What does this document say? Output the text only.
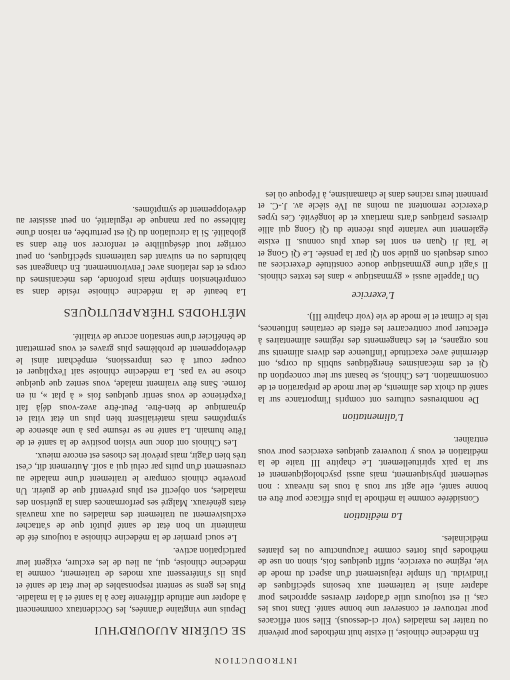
INTRODUCTION

En médecine chinoise, il existe huit méthodes pour prévenir ou traiter les maladies (voir ci-dessous). Elles sont efficaces pour retrouver et conserver une bonne santé. Dans tous les cas, il est toujours utile d'adopter diverses approches pour adapter ainsi le traitement aux besoins spécifiques de l'individu. Un simple réajustement d'un aspect du mode de vie, régime ou exercice, suffit quelques fois, sinon on use de méthodes plus fortes comme l'acupuncture ou les plantes médicinales.

La méditation

Considérée comme la méthode la plus efficace pour être en bonne santé, elle agit sur tous à tous les niveaux : non seulement physiquement, mais aussi psychologiquement et sur la paix spirituellement. Le chapitre III traite de la méditation et vous y trouverez quelques exercices pour vous entraîner.

L'alimentation

De nombreuses cultures ont compris l'importance sur la santé du choix des aliments, de leur mode de préparation et de consommation. Les Chinois, se basant sur leur conception du Qi et des mécanismes énergétiques subtils du corps, ont déterminé avec exactitude l'influence des divers aliments sur nos organes, et les changements des régimes alimentaires à effectuer pour contrecarrer les effets de certaines influences, tels le climat et le mode de vie (voir chapitre III).

L'exercice

On l'appelle aussi « gymnastique » dans les textes chinois. Il s'agit d'une gymnastique douce constituée d'exercices au cours desquels on guide son Qi par la pensée. Le Qi Gong et le Tai Ji Quan en sont les deux plus connus. Il existe également une variante plus récente du Qi Gong qui allie diverses pratiques d'arts martiaux et de longévité. Ces types d'exercice remontent au moins au IVe siècle av. J.-C. et prennent leurs racines dans le chamanisme, à l'époque où les

SE GUÉRIR AUJOURD'HUI

Depuis une vingtaine d'années, les Occidentaux commencent à adopter une attitude différente face à la santé et à la maladie. Plus les gens se sentent responsables de leur état de santé et plus ils s'intéressent aux modes de traitement, comme la médecine chinoise, qui, au lieu de les exclure, exigent leur participation active.

Le souci premier de la médecine chinoise a toujours été de maintenir un bon état de santé plutôt que de s'attacher exclusivement au traitement des maladies ou aux mauvais états généraux. Malgré ses performances dans la guérison des maladies, son objectif est plus préventif que de guérir. Un proverbe chinois compare le traitement d'une maladie au creusement d'un puits par celui qui a soif. Autrement dit, c'est très bien d'agir, mais prévoir les choses est encore mieux.

Les Chinois ont donc une vision positive de la santé et de l'être humain. La santé ne se résume pas à une absence de symptômes mais matérialisent bien plus un état vital et dynamique de bien-être. Peut-être avez-vous déjà fait l'expérience de vous sentir quelques fois « à plat », ni en forme. Sans être vraiment malade, vous sentez que quelque chose ne va pas. La médecine chinoise sait l'expliquer et couper court à ces impressions, empêchant ainsi le développement de problèmes plus graves et vous permettant de bénéficier d'une sensation accrue de vitalité.

MÉTHODES THÉRAPEUTIQUES

La beauté de la médecine chinoise réside dans sa compréhension simple mais profonde, des mécanismes du corps et des relations avec l'environnement. En changeant ses habitudes ou en suivant des traitements spécifiques, on peut corriger tout déséquilibre et renforcer son être dans sa globalité. Si la circulation du Qi est perturbée, en raison d'une faiblesse ou par manque de régularité, on peut assister au développement de symptômes.
